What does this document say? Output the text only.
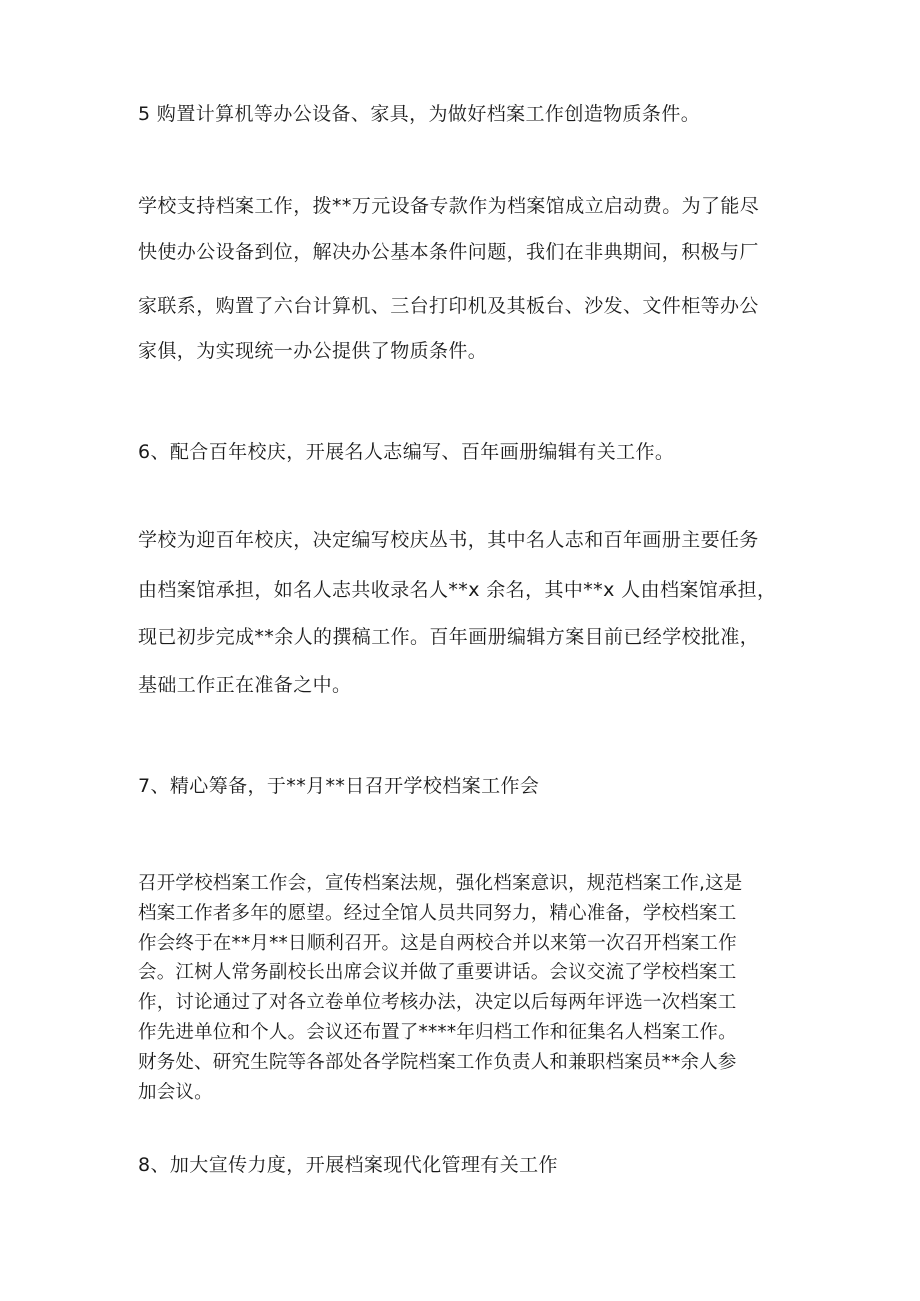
5 购置计算机等办公设备、家具，为做好档案工作创造物质条件。
学校支持档案工作，拨**万元设备专款作为档案馆成立启动费。为了能尽
快使办公设备到位，解决办公基本条件问题，我们在非典期间，积极与厂
家联系，购置了六台计算机、三台打印机及其板台、沙发、文件柜等办公
家俱，为实现统一办公提供了物质条件。
6、配合百年校庆，开展名人志编写、百年画册编辑有关工作。
学校为迎百年校庆，决定编写校庆丛书，其中名人志和百年画册主要任务
由档案馆承担，如名人志共收录名人**x 余名，其中**x 人由档案馆承担，
现已初步完成**余人的撰稿工作。百年画册编辑方案目前已经学校批准，
基础工作正在准备之中。
7、精心筹备，于**月**日召开学校档案工作会
召开学校档案工作会，宣传档案法规，强化档案意识，规范档案工作,这是
档案工作者多年的愿望。经过全馆人员共同努力，精心准备，学校档案工
作会终于在**月**日顺利召开。这是自两校合并以来第一次召开档案工作
会。江树人常务副校长出席会议并做了重要讲话。会议交流了学校档案工
作，讨论通过了对各立卷单位考核办法，决定以后每两年评选一次档案工
作先进单位和个人。会议还布置了****年归档工作和征集名人档案工作。
财务处、研究生院等各部处各学院档案工作负责人和兼职档案员**余人参
加会议。
8、加大宣传力度，开展档案现代化管理有关工作
